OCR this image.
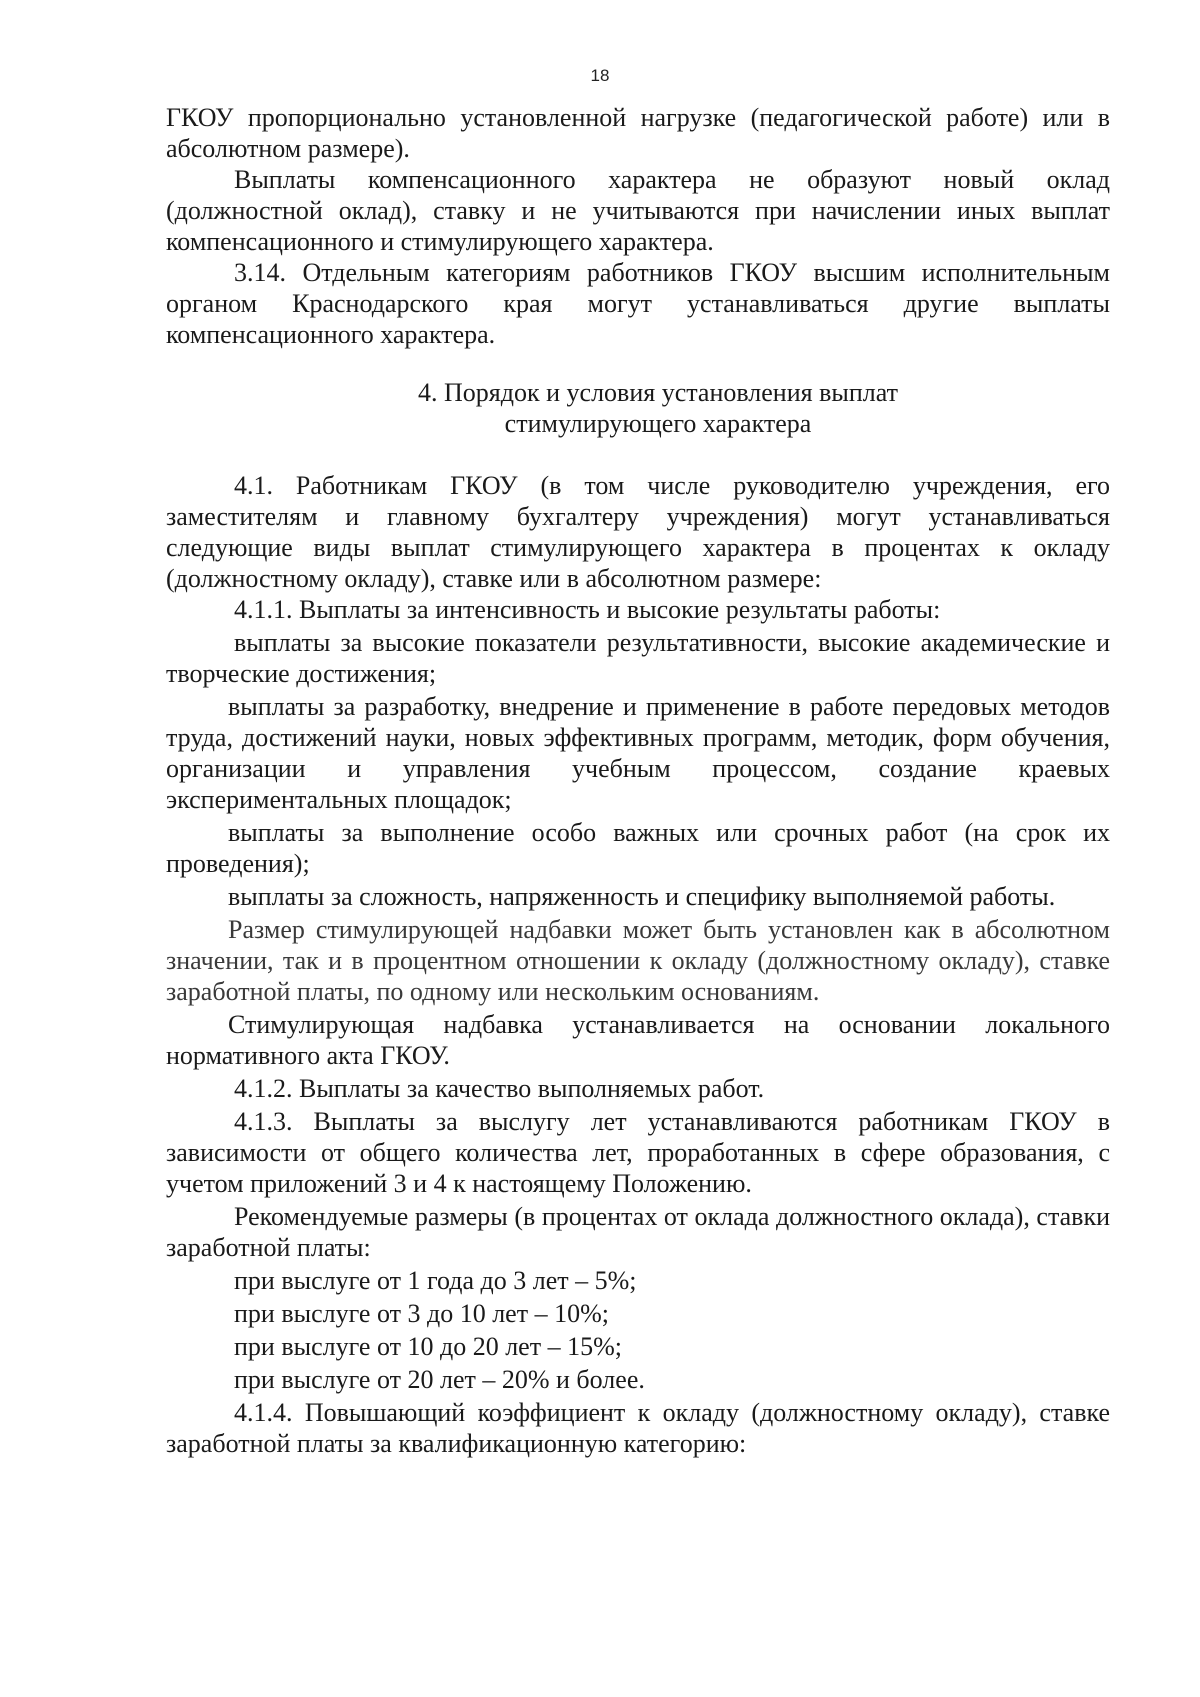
18

ГКОУ пропорционально установленной нагрузке (педагогической работе) или в абсолютном размере).

Выплаты компенсационного характера не образуют новый оклад (должностной оклад), ставку и не учитываются при начислении иных выплат компенсационного и стимулирующего характера.

3.14. Отдельным категориям работников ГКОУ высшим исполнительным органом Краснодарского края могут устанавливаться другие выплаты компенсационного характера.

4. Порядок и условия установления выплат
стимулирующего характера

4.1. Работникам ГКОУ (в том числе руководителю учреждения, его заместителям и главному бухгалтеру учреждения) могут устанавливаться следующие виды выплат стимулирующего характера в процентах к окладу (должностному окладу), ставке или в абсолютном размере:

4.1.1. Выплаты за интенсивность и высокие результаты работы:

выплаты за высокие показатели результативности, высокие академические и творческие достижения;

выплаты за разработку, внедрение и применение в работе передовых методов труда, достижений науки, новых эффективных программ, методик, форм обучения, организации и управления учебным процессом, создание краевых экспериментальных площадок;

выплаты за выполнение особо важных или срочных работ (на срок их проведения);

выплаты за сложность, напряженность и специфику выполняемой работы.

Размер стимулирующей надбавки может быть установлен как в абсолютном значении, так и в процентном отношении к окладу (должностному окладу), ставке заработной платы, по одному или нескольким основаниям.

Стимулирующая надбавка устанавливается на основании локального нормативного акта ГКОУ.

4.1.2. Выплаты за качество выполняемых работ.

4.1.3. Выплаты за выслугу лет устанавливаются работникам ГКОУ в зависимости от общего количества лет, проработанных в сфере образования, с учетом приложений 3 и 4 к настоящему Положению.

Рекомендуемые размеры (в процентах от оклада должностного оклада), ставки заработной платы:

при выслуге от 1 года до 3 лет – 5%;

при выслуге от 3 до 10 лет – 10%;

при выслуге от 10 до 20 лет – 15%;

при выслуге от 20 лет – 20% и более.

4.1.4. Повышающий коэффициент к окладу (должностному окладу), ставке заработной платы за квалификационную категорию:
